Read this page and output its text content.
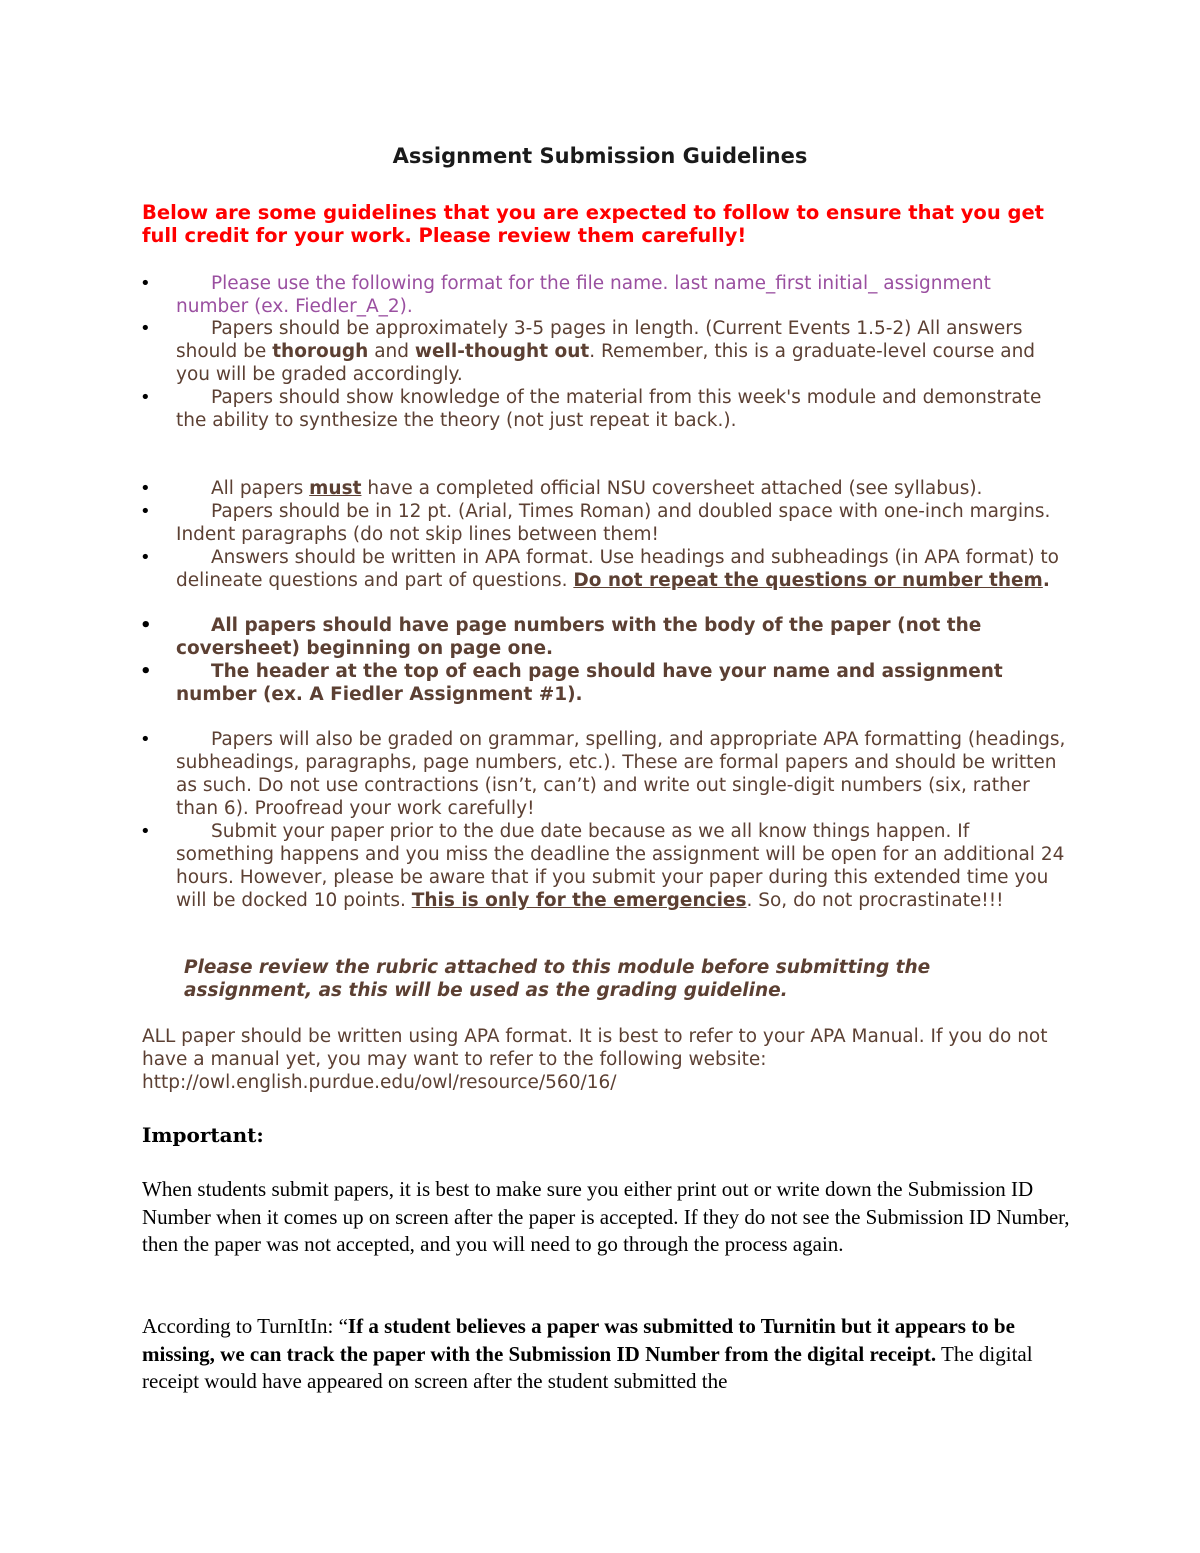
Assignment Submission Guidelines
Below are some guidelines that you are expected to follow to ensure that you get full credit for your work. Please review them carefully!
•	Please use the following format for the file name. last name_first initial_ assignment number (ex. Fiedler_A_2).
•	Papers should be approximately 3-5 pages in length. (Current Events 1.5-2) All answers should be thorough and well-thought out. Remember, this is a graduate-level course and you will be graded accordingly.
•	Papers should show knowledge of the material from this week's module and demonstrate the ability to synthesize the theory (not just repeat it back.).
•	All papers must have a completed official NSU coversheet attached (see syllabus).
•	Papers should be in 12 pt. (Arial, Times Roman) and doubled space with one-inch margins. Indent paragraphs (do not skip lines between them!
•	Answers should be written in APA format. Use headings and subheadings (in APA format) to delineate questions and part of questions. Do not repeat the questions or number them.
•	All papers should have page numbers with the body of the paper (not the coversheet) beginning on page one.
•	The header at the top of each page should have your name and assignment number (ex. A Fiedler Assignment #1).
•	Papers will also be graded on grammar, spelling, and appropriate APA formatting (headings, subheadings, paragraphs, page numbers, etc.). These are formal papers and should be written as such. Do not use contractions (isn’t, can’t) and write out single-digit numbers (six, rather than 6). Proofread your work carefully!
•	Submit your paper prior to the due date because as we all know things happen. If something happens and you miss the deadline the assignment will be open for an additional 24 hours. However, please be aware that if you submit your paper during this extended time you will be docked 10 points. This is only for the emergencies. So, do not procrastinate!!!
Please review the rubric attached to this module before submitting the assignment, as this will be used as the grading guideline.
ALL paper should be written using APA format. It is best to refer to your APA Manual. If you do not have a manual yet, you may want to refer to the following website: http://owl.english.purdue.edu/owl/resource/560/16/
Important:
When students submit papers, it is best to make sure you either print out or write down the Submission ID Number when it comes up on screen after the paper is accepted. If they do not see the Submission ID Number, then the paper was not accepted, and you will need to go through the process again.
According to TurnItIn: “If a student believes a paper was submitted to Turnitin but it appears to be missing, we can track the paper with the Submission ID Number from the digital receipt. The digital receipt would have appeared on screen after the student submitted the
